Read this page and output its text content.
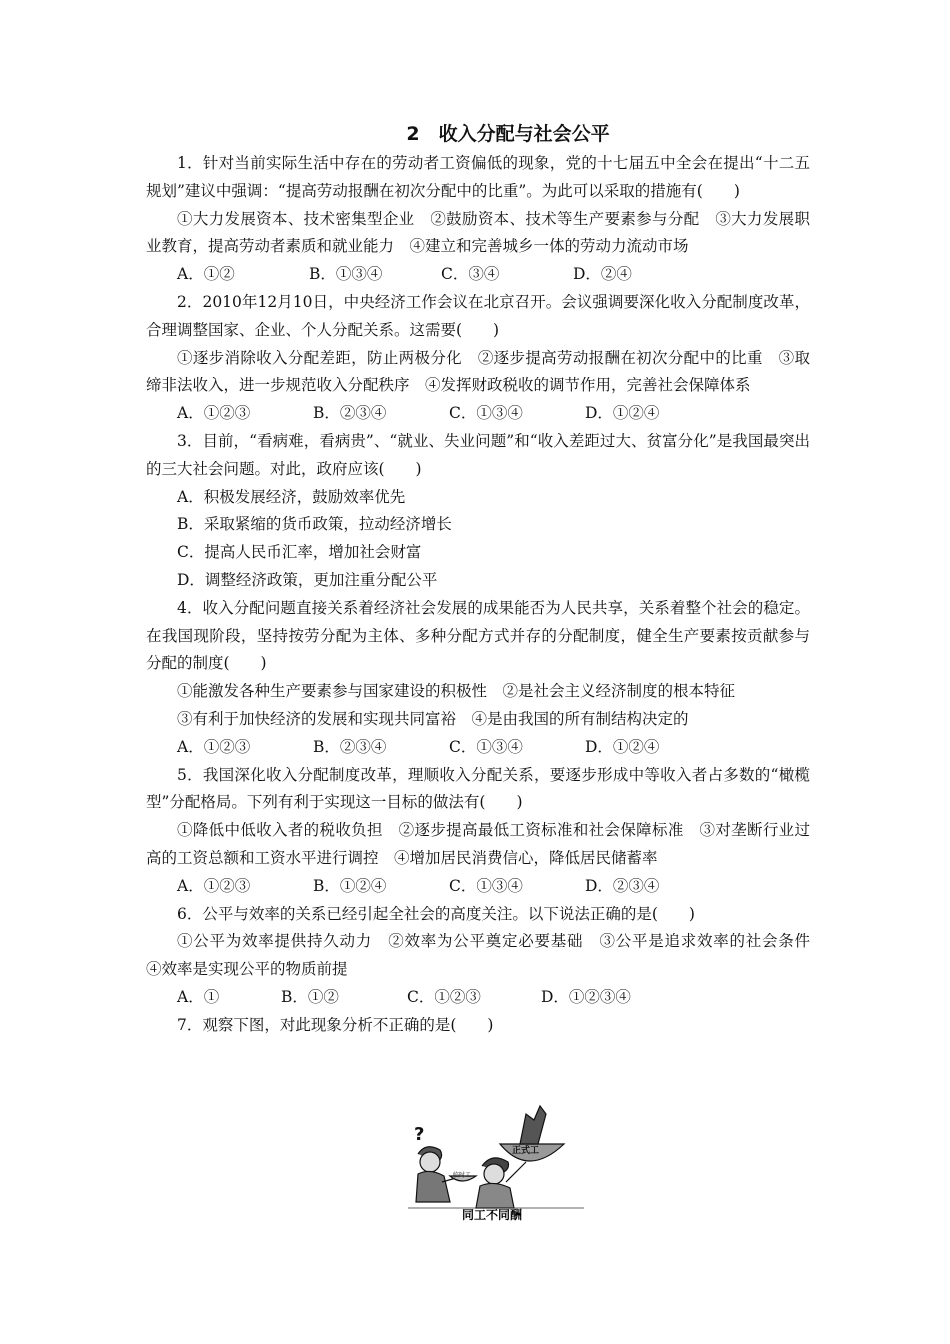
2　收入分配与社会公平

1．针对当前实际生活中存在的劳动者工资偏低的现象，党的十七届五中全会在提出“十二五规划”建议中强调：“提高劳动报酬在初次分配中的比重”。为此可以采取的措施有(　　)

①大力发展资本、技术密集型企业　②鼓励资本、技术等生产要素参与分配　③大力发展职业教育，提高劳动者素质和就业能力　④建立和完善城乡一体的劳动力流动市场

A．①②	B．①③④	C．③④	D．②④

2．2010年12月10日，中央经济工作会议在北京召开。会议强调要深化收入分配制度改革，合理调整国家、企业、个人分配关系。这需要(　　)

①逐步消除收入分配差距，防止两极分化　②逐步提高劳动报酬在初次分配中的比重　③取缔非法收入，进一步规范收入分配秩序　④发挥财政税收的调节作用，完善社会保障体系

A．①②③	B．②③④	C．①③④	D．①②④

3．目前，“看病难，看病贵”、“就业、失业问题”和“收入差距过大、贫富分化”是我国最突出的三大社会问题。对此，政府应该(　　)

A．积极发展经济，鼓励效率优先

B．采取紧缩的货币政策，拉动经济增长

C．提高人民币汇率，增加社会财富

D．调整经济政策，更加注重分配公平

4．收入分配问题直接关系着经济社会发展的成果能否为人民共享，关系着整个社会的稳定。在我国现阶段，坚持按劳分配为主体、多种分配方式并存的分配制度，健全生产要素按贡献参与分配的制度(　　)

①能激发各种生产要素参与国家建设的积极性　②是社会主义经济制度的根本特征

③有利于加快经济的发展和实现共同富裕　④是由我国的所有制结构决定的

A．①②③	B．②③④	C．①③④	D．①②④

5．我国深化收入分配制度改革，理顺收入分配关系，要逐步形成中等收入者占多数的“橄榄型”分配格局。下列有利于实现这一目标的做法有(　　)

①降低中低收入者的税收负担　②逐步提高最低工资标准和社会保障标准　③对垄断行业过高的工资总额和工资水平进行调控　④增加居民消费信心，降低居民储蓄率

A．①②③	B．①②④	C．①③④	D．②③④

6．公平与效率的关系已经引起全社会的高度关注。以下说法正确的是(　　)

①公平为效率提供持久动力　②效率为公平奠定必要基础　③公平是追求效率的社会条件　④效率是实现公平的物质前提

A．①	B．①②	C．①②③	D．①②③④

7．观察下图，对此现象分析不正确的是(　　)

?
临时工
正式工
同工不同酬
